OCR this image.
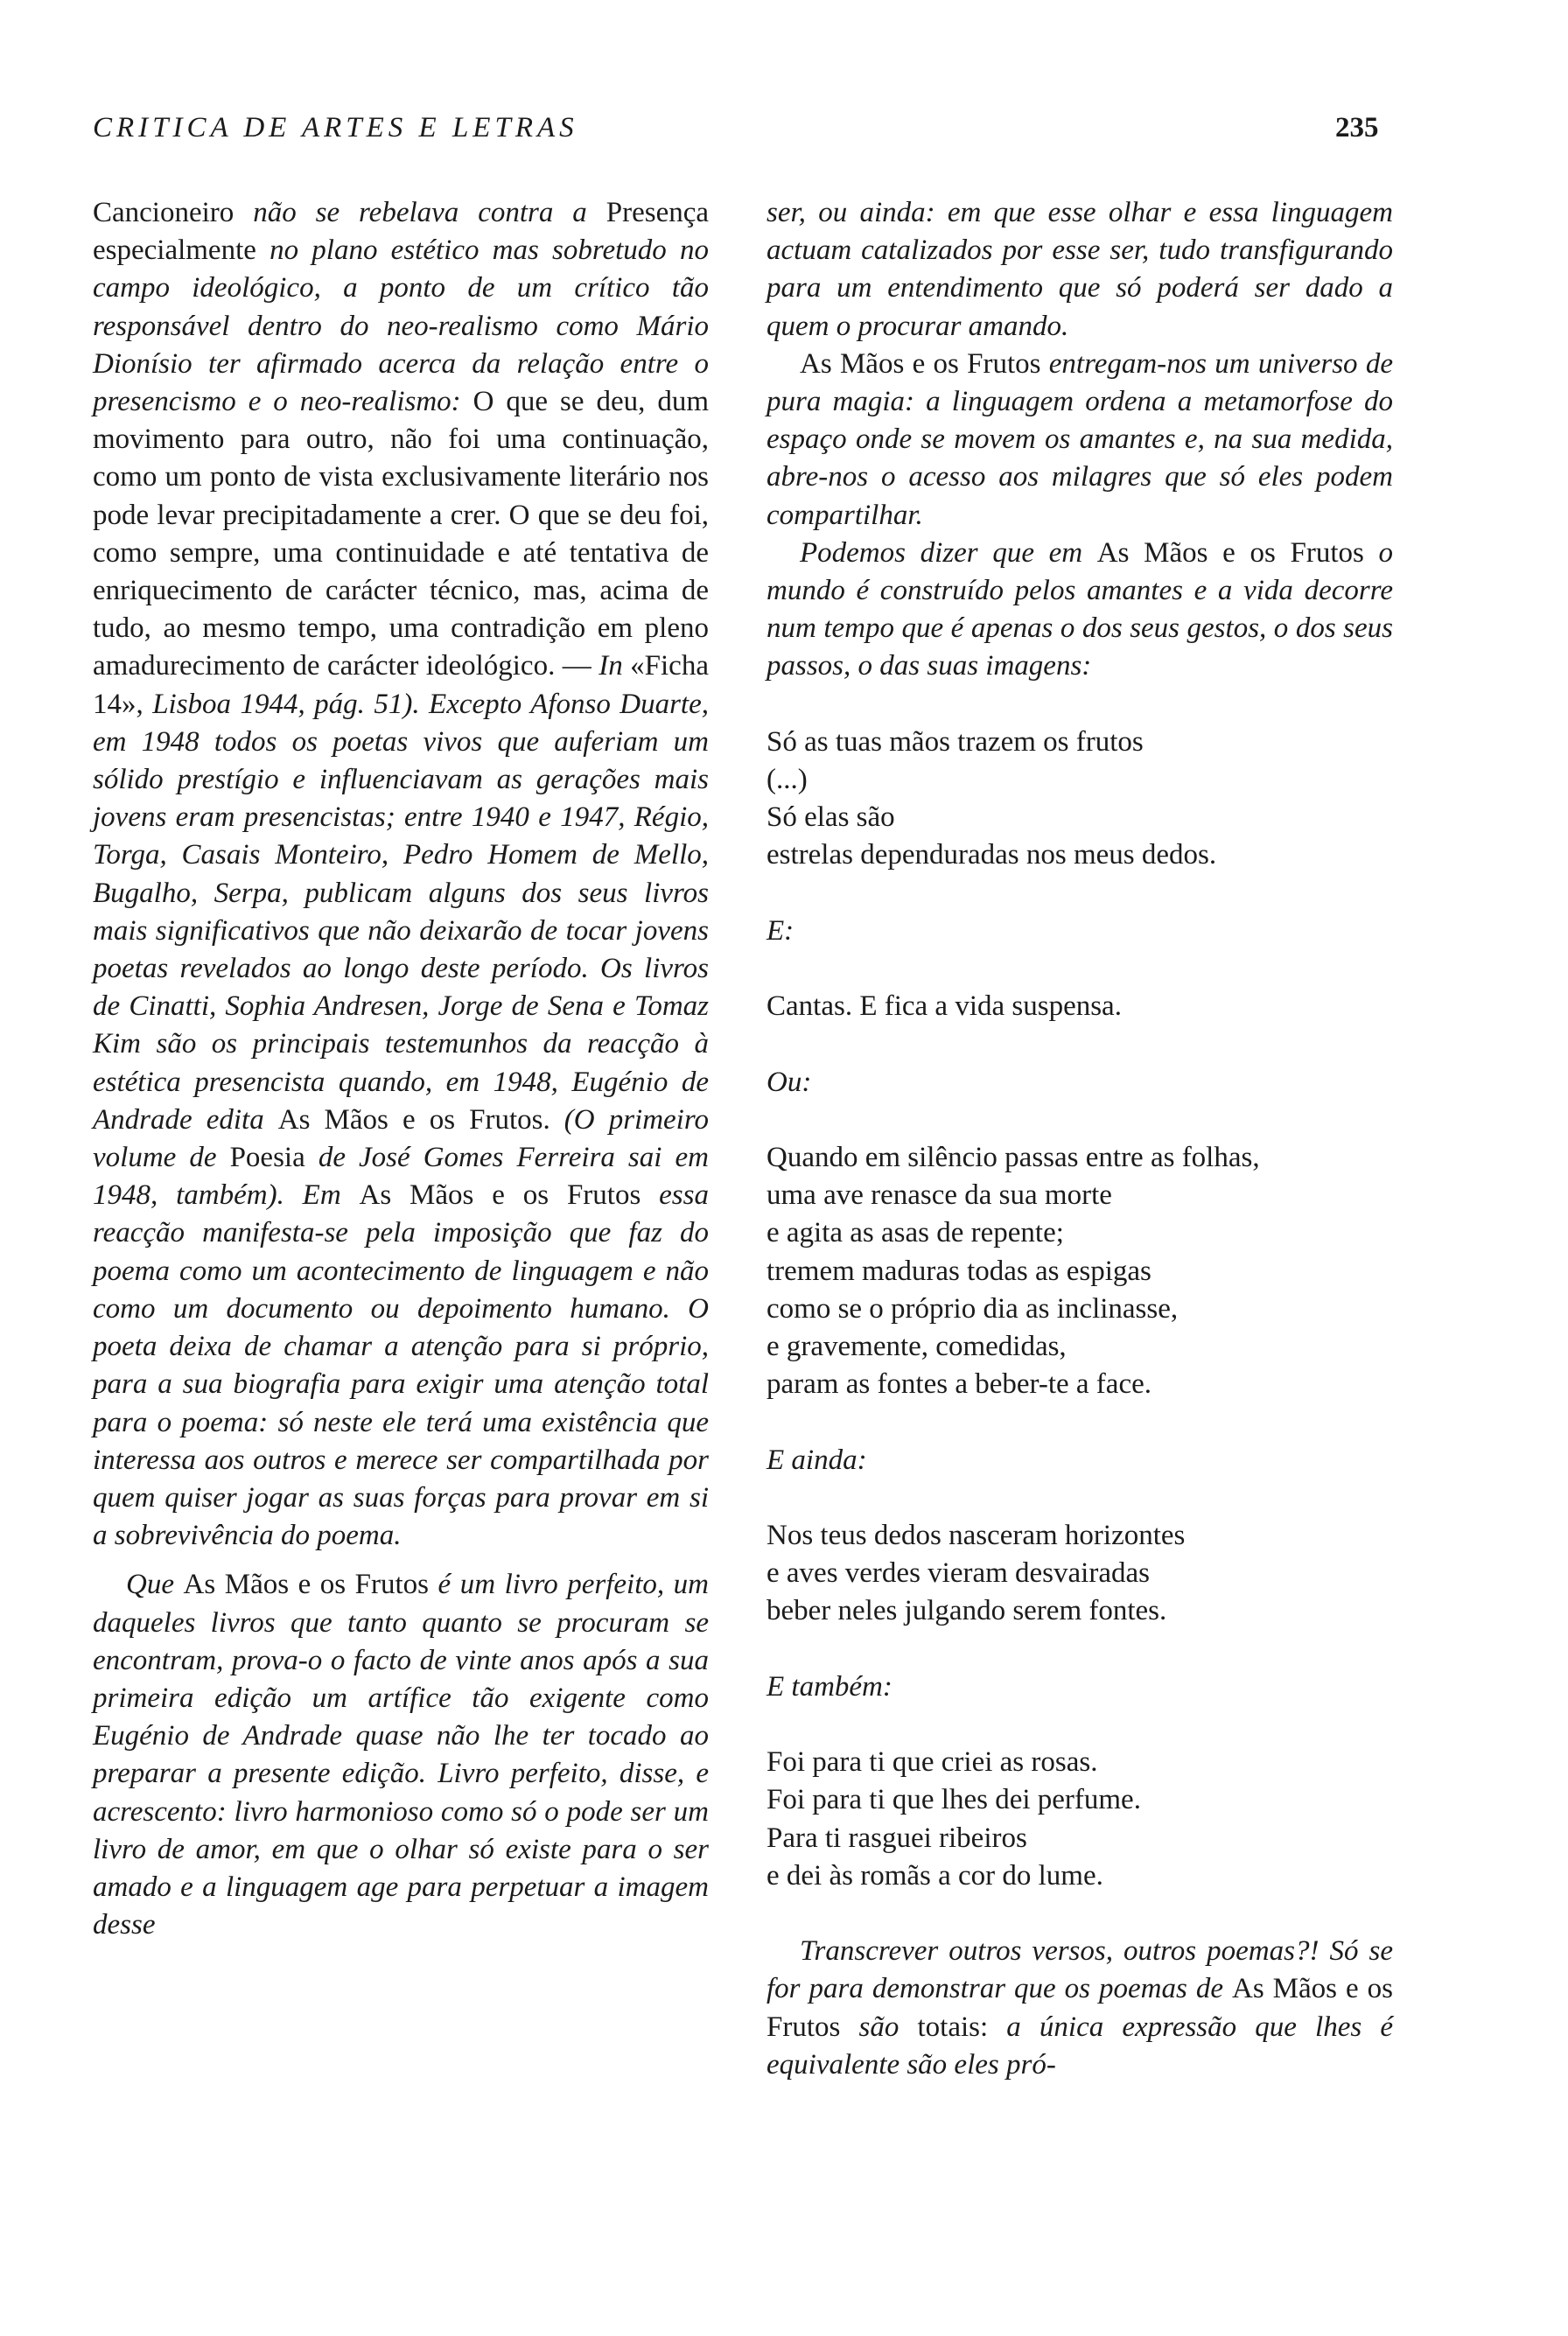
CRITICA DE ARTES E LETRAS	235

Cancioneiro não se rebelava contra a Presença especialmente no plano estético mas sobretudo no campo ideológico, a ponto de um crítico tão responsável dentro do neo-realismo como Mário Dionísio ter afirmado acerca da relação entre o presencismo e o neo-realismo: O que se deu, dum movimento para outro, não foi uma continuação, como um ponto de vista exclusivamente literário nos pode levar precipitadamente a crer. O que se deu foi, como sempre, uma continuidade e até tentativa de enriquecimento de carácter técnico, mas, acima de tudo, ao mesmo tempo, uma contradição em pleno amadurecimento de carácter ideológico. — In «Ficha 14», Lisboa 1944, pág. 51). Excepto Afonso Duarte, em 1948 todos os poetas vivos que auferiam um sólido prestígio e influenciavam as gerações mais jovens eram presencistas; entre 1940 e 1947, Régio, Torga, Casais Monteiro, Pedro Homem de Mello, Bugalho, Serpa, publicam alguns dos seus livros mais significativos que não deixarão de tocar jovens poetas revelados ao longo deste período. Os livros de Cinatti, Sophia Andresen, Jorge de Sena e Tomaz Kim são os principais testemunhos da reacção à estética presencista quando, em 1948, Eugénio de Andrade edita As Mãos e os Frutos. (O primeiro volume de Poesia de José Gomes Ferreira sai em 1948, também). Em As Mãos e os Frutos essa reacção manifesta-se pela imposição que faz do poema como um acontecimento de linguagem e não como um documento ou depoimento humano. O poeta deixa de chamar a atenção para si próprio, para a sua biografia para exigir uma atenção total para o poema: só neste ele terá uma existência que interessa aos outros e merece ser compartilhada por quem quiser jogar as suas forças para provar em si a sobrevivência do poema.

Que As Mãos e os Frutos é um livro perfeito, um daqueles livros que tanto quanto se procuram se encontram, prova-o o facto de vinte anos após a sua primeira edição um artífice tão exigente como Eugénio de Andrade quase não lhe ter tocado ao preparar a presente edição. Livro perfeito, disse, e acrescento: livro harmonioso como só o pode ser um livro de amor, em que o olhar só existe para o ser amado e a linguagem age para perpetuar a imagem desse

ser, ou ainda: em que esse olhar e essa linguagem actuam catalizados por esse ser, tudo transfigurando para um entendimento que só poderá ser dado a quem o procurar amando.

As Mãos e os Frutos entregam-nos um universo de pura magia: a linguagem ordena a metamorfose do espaço onde se movem os amantes e, na sua medida, abre-nos o acesso aos milagres que só eles podem compartilhar.

Podemos dizer que em As Mãos e os Frutos o mundo é construído pelos amantes e a vida decorre num tempo que é apenas o dos seus gestos, o dos seus passos, o das suas imagens:

Só as tuas mãos trazem os frutos
(...)
Só elas são
estrelas dependuradas nos meus dedos.

E:

Cantas. E fica a vida suspensa.

Ou:

Quando em silêncio passas entre as folhas,
uma ave renasce da sua morte
e agita as asas de repente;
tremem maduras todas as espigas
como se o próprio dia as inclinasse,
e gravemente, comedidas,
param as fontes a beber-te a face.

E ainda:

Nos teus dedos nasceram horizontes
e aves verdes vieram desvairadas
beber neles julgando serem fontes.

E também:

Foi para ti que criei as rosas.
Foi para ti que lhes dei perfume.
Para ti rasguei ribeiros
e dei às romãs a cor do lume.

Transcrever outros versos, outros poemas?! Só se for para demonstrar que os poemas de As Mãos e os Frutos são totais: a única expressão que lhes é equivalente são eles pró-
